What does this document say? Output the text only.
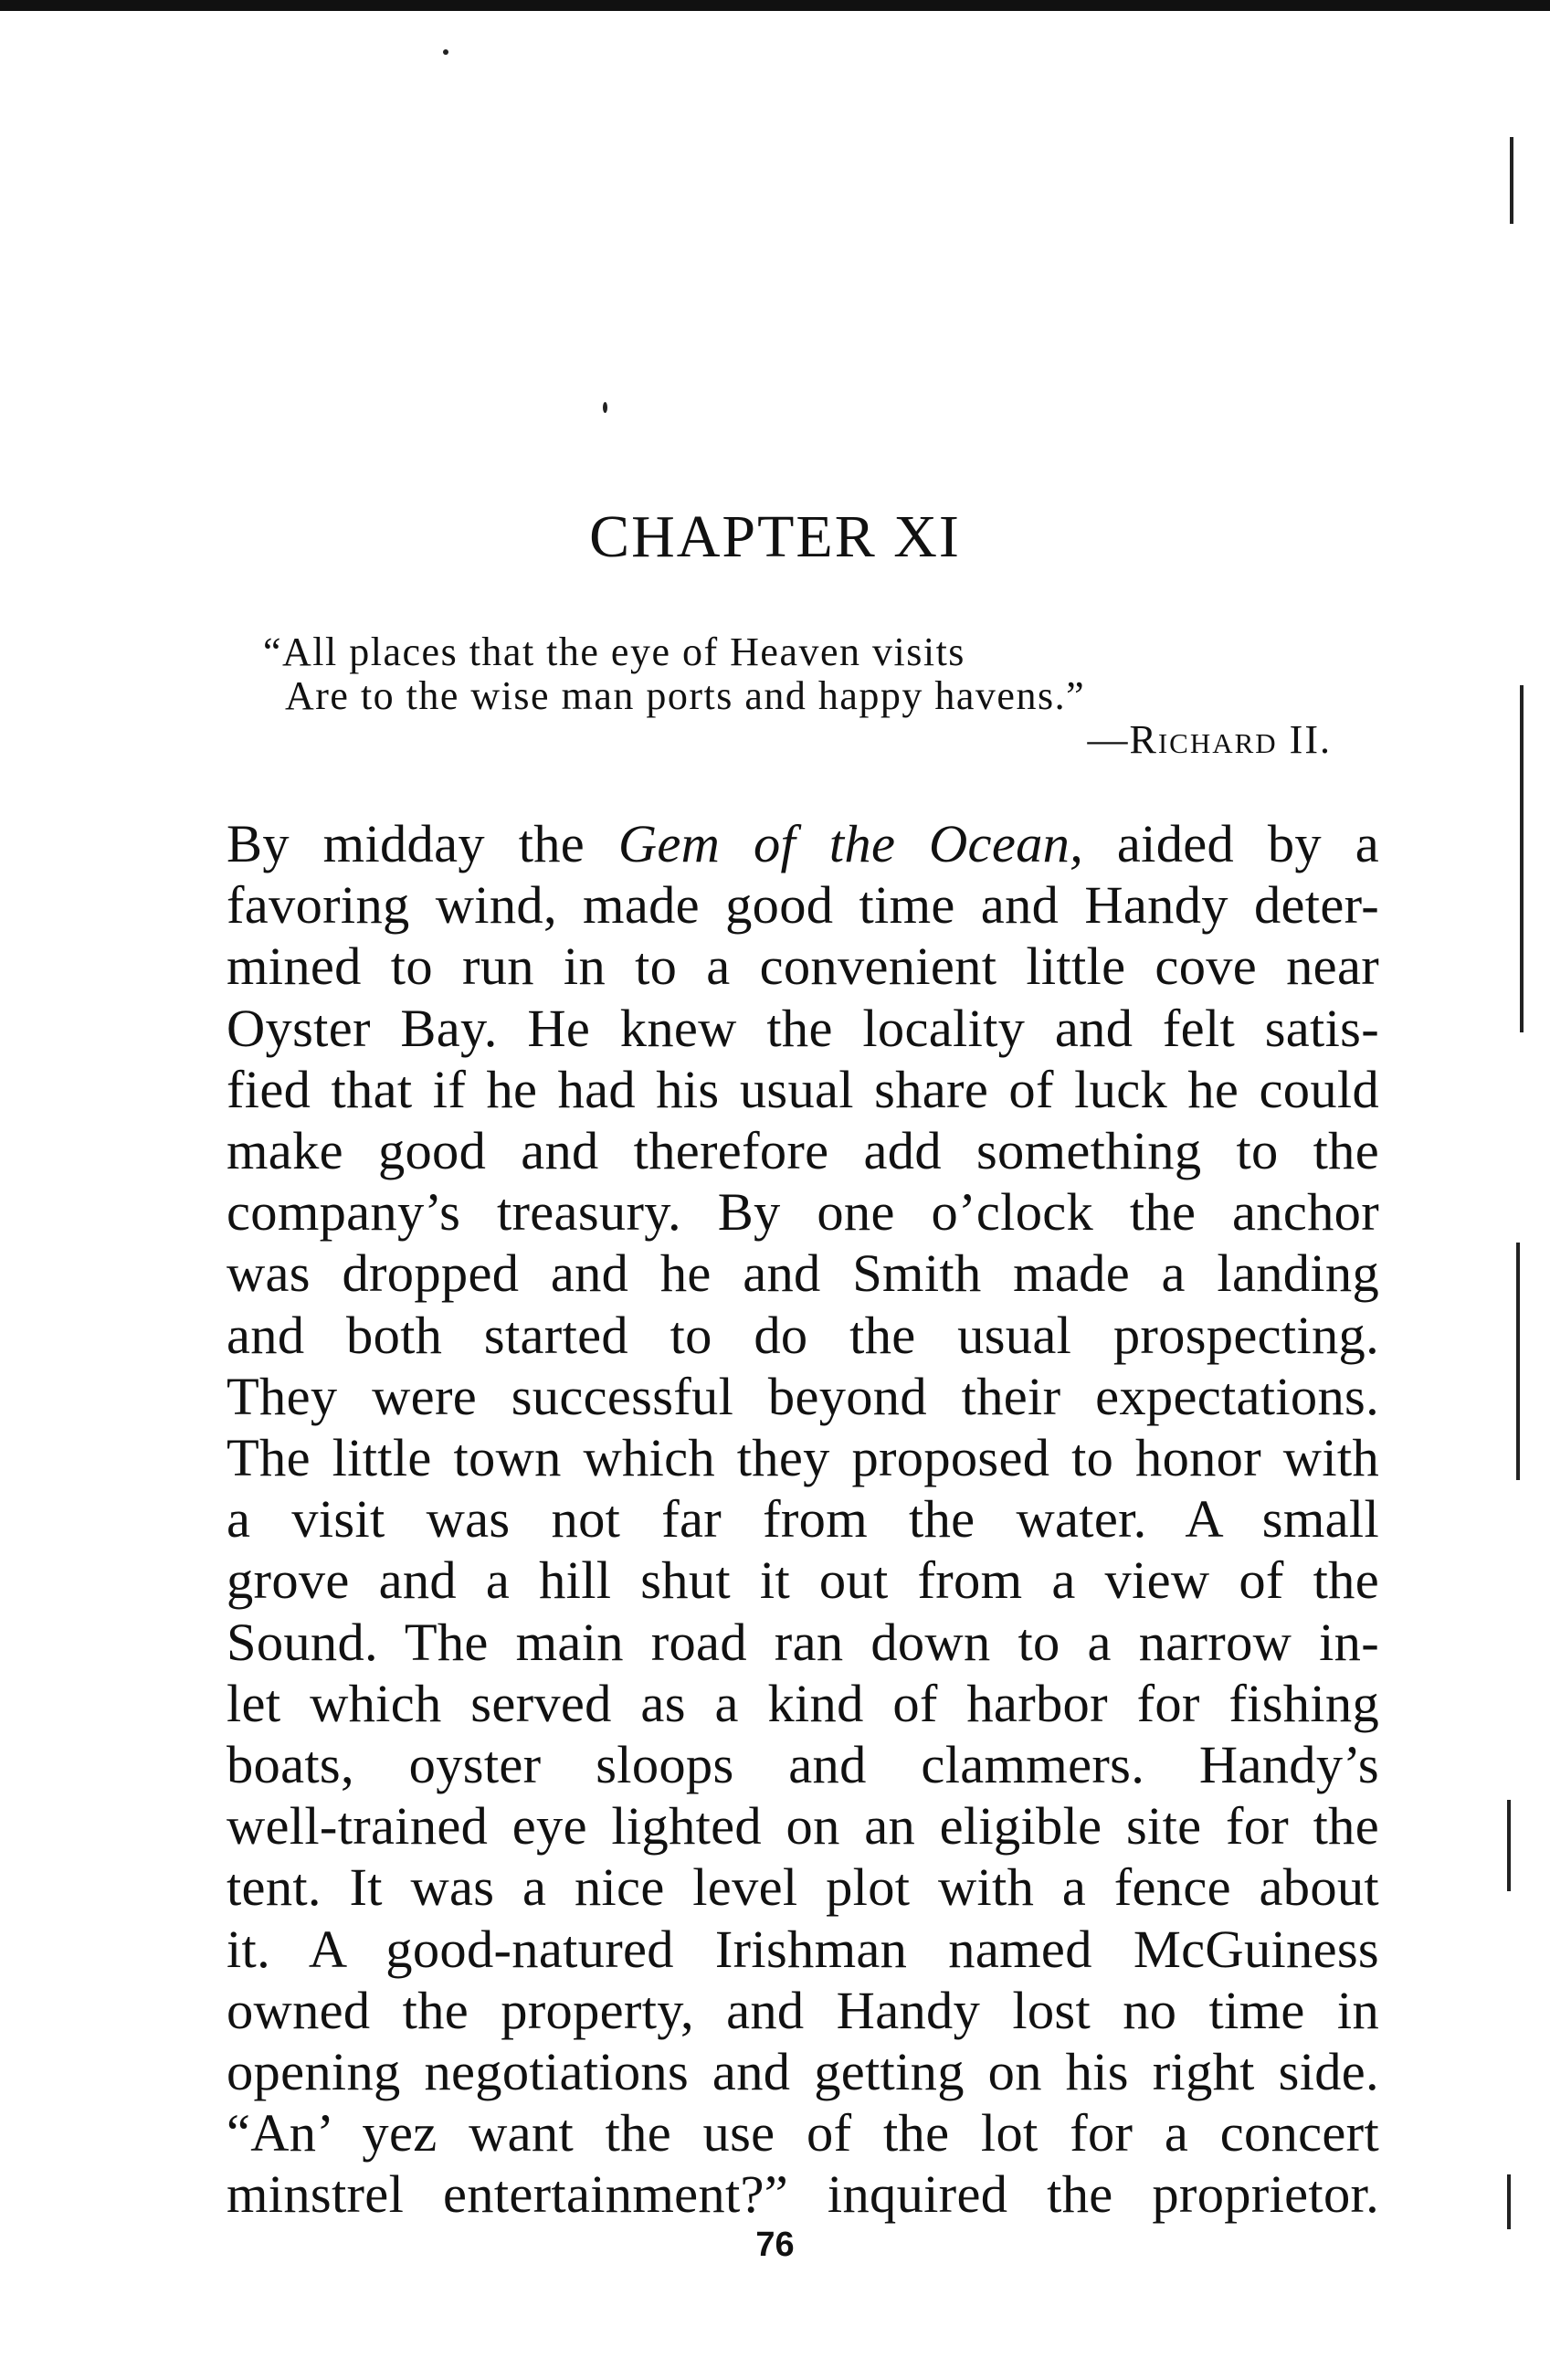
CHAPTER XI
“All places that the eye of Heaven visits
Are to the wise man ports and happy havens.”
—Richard II.

By midday the Gem of the Ocean, aided by a
favoring wind, made good time and Handy deter-
mined to run in to a convenient little cove near
Oyster Bay. He knew the locality and felt satis-
fied that if he had his usual share of luck he could
make good and therefore add something to the
company’s treasury. By one o’clock the anchor
was dropped and he and Smith made a landing
and both started to do the usual prospecting.
They were successful beyond their expectations.
The little town which they proposed to honor with
a visit was not far from the water. A small
grove and a hill shut it out from a view of the
Sound. The main road ran down to a narrow in-
let which served as a kind of harbor for fishing
boats, oyster sloops and clammers. Handy’s
well-trained eye lighted on an eligible site for the
tent. It was a nice level plot with a fence about
it. A good-natured Irishman named McGuiness
owned the property, and Handy lost no time in
opening negotiations and getting on his right side.

“An’ yez want the use of the lot for a concert
minstrel entertainment?” inquired the proprietor.

76
